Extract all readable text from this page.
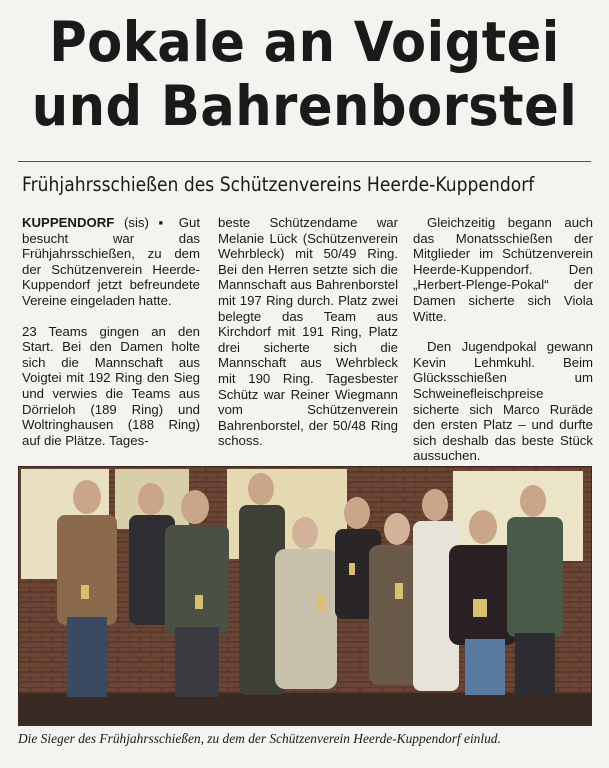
Pokale an Voigtei
und Bahrenborstel
Frühjahrsschießen des Schützenvereins Heerde-Kuppendorf

KUPPENDORF (sis) ▪ Gut besucht war das Frühjahrsschießen, zu dem der Schützenverein Heerde-Kuppendorf jetzt befreundete Vereine eingeladen hatte.

23 Teams gingen an den Start. Bei den Damen holte sich die Mannschaft aus Voigtei mit 192 Ring den Sieg und verwies die Teams aus Dörrieloh (189 Ring) und Woltringhausen (188 Ring) auf die Plätze. Tages-

beste Schützendame war Melanie Lück (Schützenverein Wehrbleck) mit 50/49 Ring. Bei den Herren setzte sich die Mannschaft aus Bahrenborstel mit 197 Ring durch. Platz zwei belegte das Team aus Kirchdorf mit 191 Ring, Platz drei sicherte sich die Mannschaft aus Wehrbleck mit 190 Ring. Tagesbester Schütz war Reiner Wiegmann vom Schützenverein Bahrenborstel, der 50/48 Ring schoss.

Gleichzeitig begann auch das Monatsschießen der Mitglieder im Schützenverein Heerde-Kuppendorf. Den „Herbert-Plenge-Pokal“ der Damen sicherte sich Viola Witte.

Den Jugendpokal gewann Kevin Lehmkuhl. Beim Glücksschießen um Schweinefleischpreise sicherte sich Marco Ruräde den ersten Platz – und durfte sich deshalb das beste Stück aussuchen.

Die Sieger des Frühjahrsschießen, zu dem der Schützenverein Heerde-Kuppendorf einlud.
